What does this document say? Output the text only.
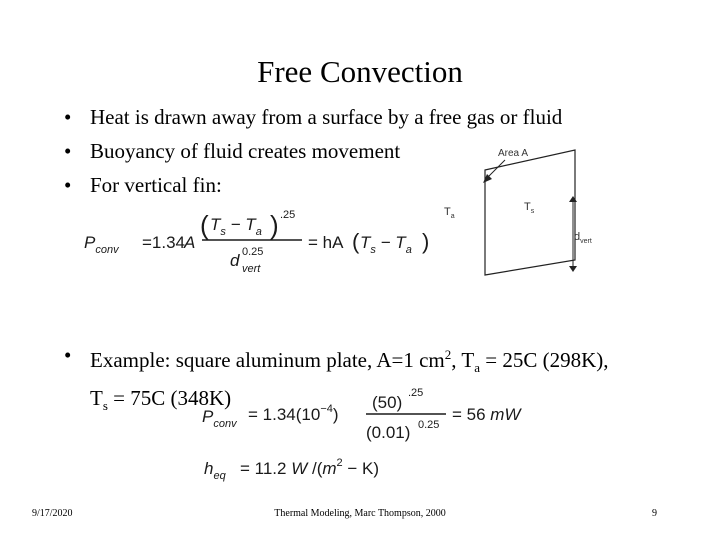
Free Convection
• Heat is drawn away from a surface by a free gas or fluid
• Buoyancy of fluid creates movement
• For vertical fin:
Area A
$T_s$
$T_a$
$d_{vert}$
$P_{conv} =1.34$
A
( $T_s - T_a$ ) .25
d 0.25
vert
= hA ( $T_s - T_a$ )
• Example: square aluminum plate, A=1 $cm^2$, $T_a = 25C$ (298K),
$T_s = 75C$ (348K)
$P_{conv} = 1.34(10^{-4})$
(50) .25
(0.01) 0.25
= 56 mW
$h_{eq} = 11.2$ W $/(m^2 - K)$
9/17/2020	Thermal Modeling, Marc Thompson, 2000	9
